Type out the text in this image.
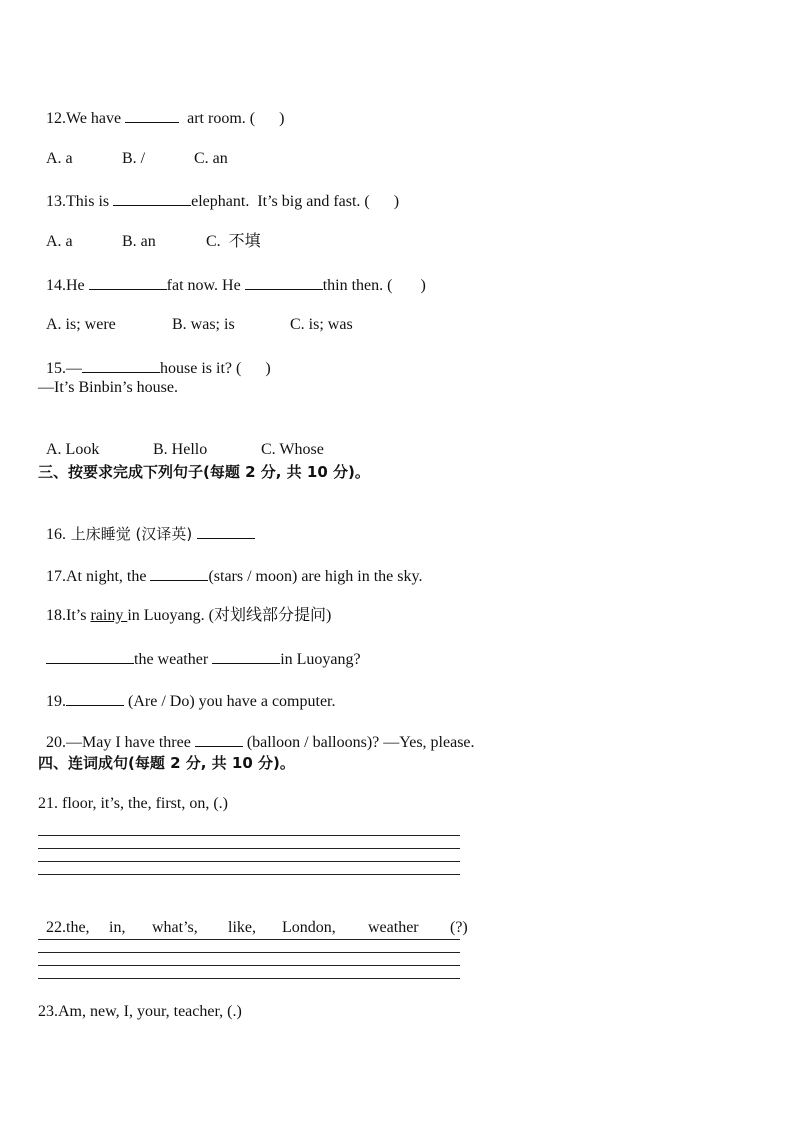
12.We have	art room. (      )

A. a	B. /	C. an

13.This is	elephant.  It’s big and fast. (      )

A. a	B. an	C.  不填

14.He	fat now. He	thin then. (       )

A. is; were	B. was; is	C. is; was

15.—	house is it? (      )

—It’s Binbin’s house.

A. Look	B. Hello	C. Whose

三、按要求完成下列句子(每题 2 分, 共 10 分)。

16. 上床睡觉 (汉译英)

17.At night, the	(stars / moon) are high in the sky.

18.It’s rainy in Luoyang. (对划线部分提问)

the weather	in Luoyang?

19.	(Are / Do) you have a computer.

20.—May I have three	(balloon / balloons)? —Yes, please.

四、连词成句(每题 2 分, 共 10 分)。
21. floor, it’s, the, first, on, (.)

22.the, in, what’s, like, London, weather (?)

23.Am, new, I, your, teacher, (.)
